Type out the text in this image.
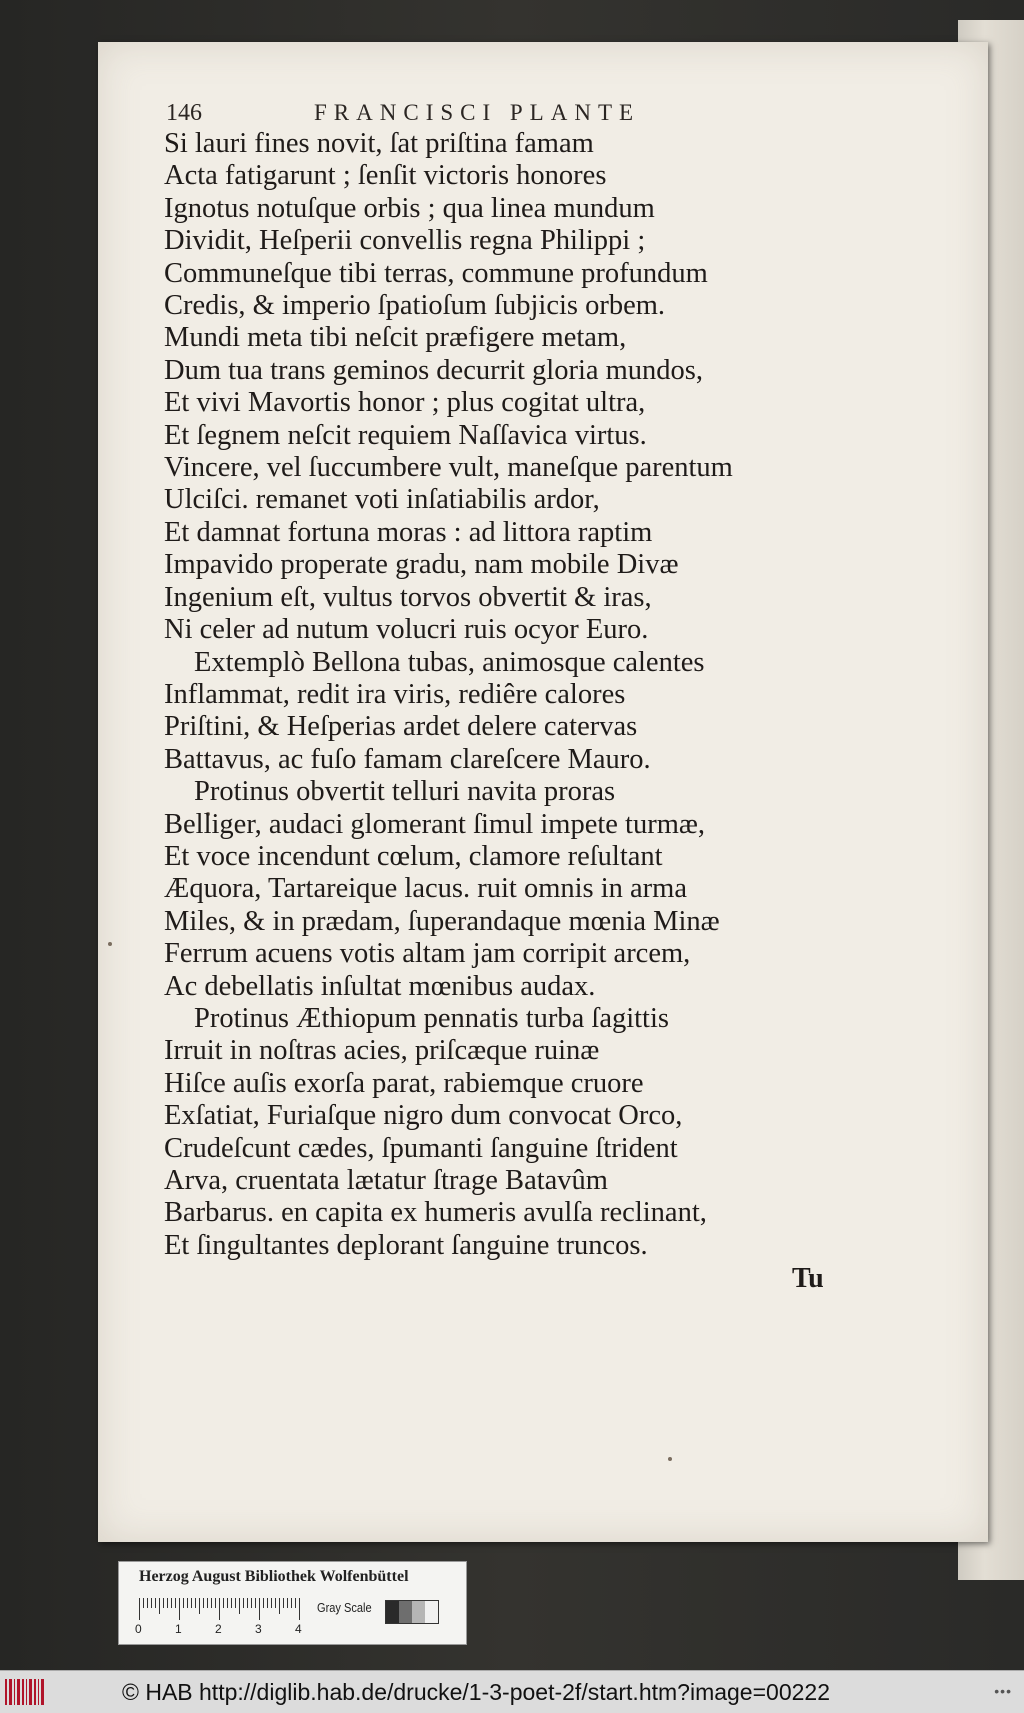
146	FRANCISCI PLANTE
Si lauri fines novit, ſat priſtina famam
Acta fatigarunt ; ſenſit victoris honores
Ignotus notuſque orbis ; qua linea mundum
Dividit, Heſperii convellis regna Philippi ;
Communeſque tibi terras, commune profundum
Credis, & imperio ſpatioſum ſubjicis orbem.
Mundi meta tibi neſcit præfigere metam,
Dum tua trans geminos decurrit gloria mundos,
Et vivi Mavortis honor ; plus cogitat ultra,
Et ſegnem neſcit requiem Naſſavica virtus.
Vincere, vel ſuccumbere vult, maneſque parentum
Ulciſci. remanet voti inſatiabilis ardor,
Et damnat fortuna moras : ad littora raptim
Impavido properate gradu, nam mobile Divæ
Ingenium eſt, vultus torvos obvertit & iras,
Ni celer ad nutum volucri ruis ocyor Euro.
Extemplò Bellona tubas, animosque calentes
Inflammat, redit ira viris, rediêre calores
Priſtini, & Heſperias ardet delere catervas
Battavus, ac fuſo famam clareſcere Mauro.
Protinus obvertit telluri navita proras
Belliger, audaci glomerant ſimul impete turmæ,
Et voce incendunt cœlum, clamore reſultant
Æquora, Tartareique lacus. ruit omnis in arma
Miles, & in prædam, ſuperandaque mœnia Minæ
Ferrum acuens votis altam jam corripit arcem,
Ac debellatis inſultat mœnibus audax.
Protinus Æthiopum pennatis turba ſagittis
Irruit in noſtras acies, priſcæque ruinæ
Hiſce auſis exorſa parat, rabiemque cruore
Exſatiat, Furiaſque nigro dum convocat Orco,
Crudeſcunt cædes, ſpumanti ſanguine ſtrident
Arva, cruentata lætatur ſtrage Batavûm
Barbarus. en capita ex humeris avulſa reclinant,
Et ſingultantes deplorant ſanguine truncos.
Tu
Herzog August Bibliothek Wolfenbüttel
0	1	2	3	4
Gray Scale
© HAB http://diglib.hab.de/drucke/1-3-poet-2f/start.htm?image=00222	•••
